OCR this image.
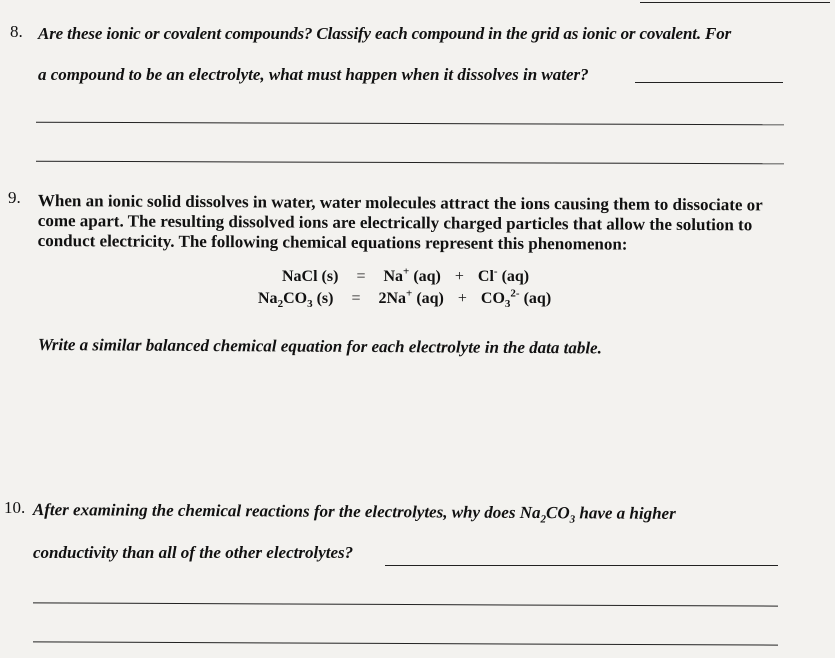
8. Are these ionic or covalent compounds? Classify each compound in the grid as ionic or covalent. For
a compound to be an electrolyte, what must happen when it dissolves in water?
9. When an ionic solid dissolves in water, water molecules attract the ions causing them to dissociate or come apart. The resulting dissolved ions are electrically charged particles that allow the solution to conduct electricity. The following chemical equations represent this phenomenon:
NaCl (s) = Na+ (aq) + Cl- (aq)
$Na_2CO_3$ (s) = 2Na+ $(aq) + CO_3^{2-}$ (aq)
Write a similar balanced chemical equation for each electrolyte in the data table.
10. After examining the chemical reactions for the electrolytes, why does $Na_2CO_3$ have a higher
conductivity than all of the other electrolytes?
